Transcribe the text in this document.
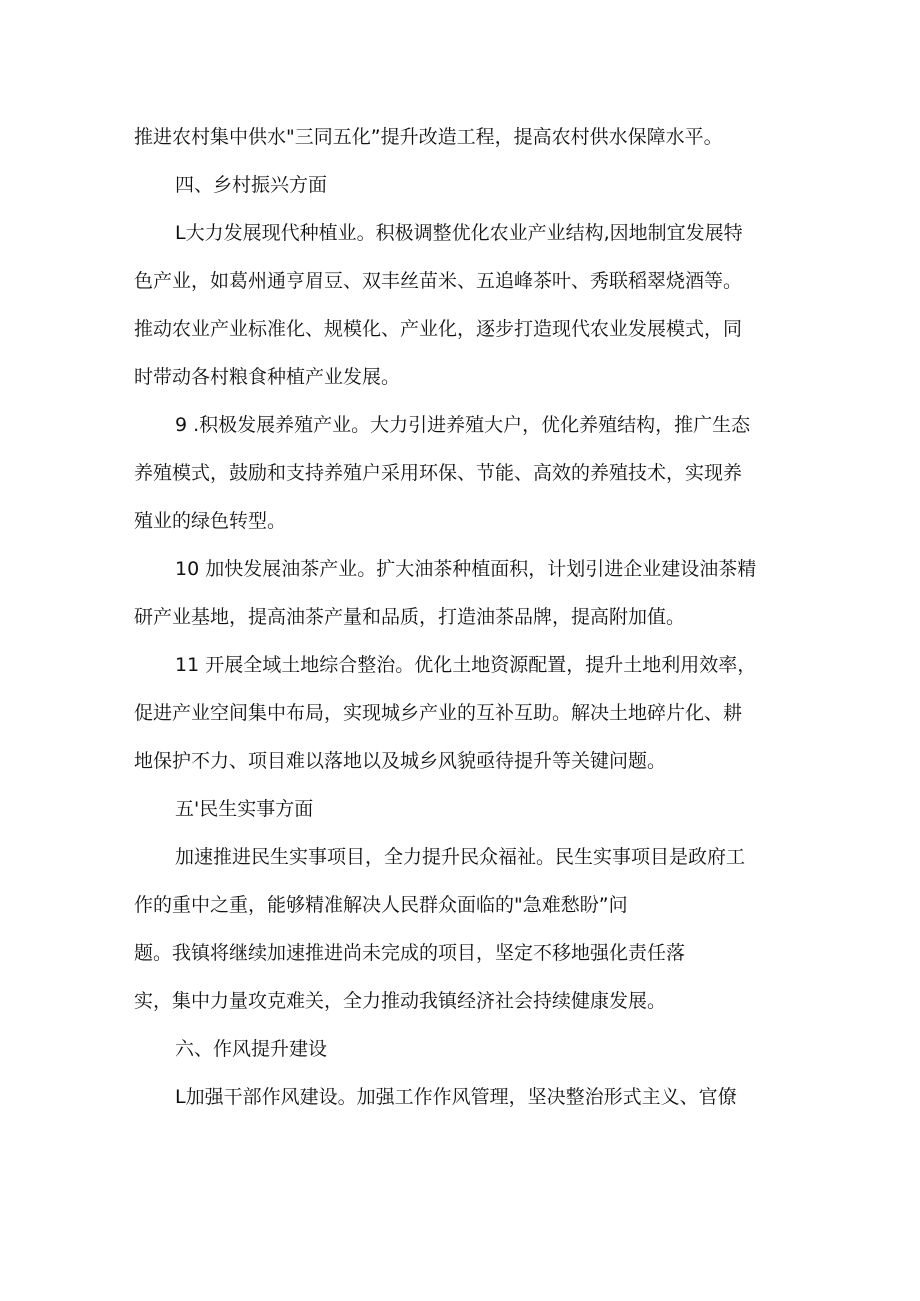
推进农村集中供水"三同五化”提升改造工程，提高农村供水保障水平。
四、乡村振兴方面
L大力发展现代种植业。积极调整优化农业产业结构,因地制宜发展特
色产业，如葛州通亨眉豆、双丰丝苗米、五追峰茶叶、秀联稻翠烧酒等。
推动农业产业标准化、规模化、产业化，逐步打造现代农业发展模式，同
时带动各村粮食种植产业发展。
9 .积极发展养殖产业。大力引进养殖大户，优化养殖结构，推广生态
养殖模式，鼓励和支持养殖户采用环保、节能、高效的养殖技术，实现养
殖业的绿色转型。
10 加快发展油茶产业。扩大油茶种植面积，计划引进企业建设油茶精
研产业基地，提高油茶产量和品质，打造油茶品牌，提高附加值。
11 开展全域土地综合整治。优化土地资源配置，提升土地利用效率，
促进产业空间集中布局，实现城乡产业的互补互助。解决土地碎片化、耕
地保护不力、项目难以落地以及城乡风貌亟待提升等关键问题。
五'民生实事方面
加速推进民生实事项目，全力提升民众福祉。民生实事项目是政府工
作的重中之重，能够精准解决人民群众面临的"急难愁盼”问
题。我镇将继续加速推进尚未完成的项目，坚定不移地强化责任落
实，集中力量攻克难关，全力推动我镇经济社会持续健康发展。
六、作风提升建设
L加强干部作风建设。加强工作作风管理，坚决整治形式主义、官僚
